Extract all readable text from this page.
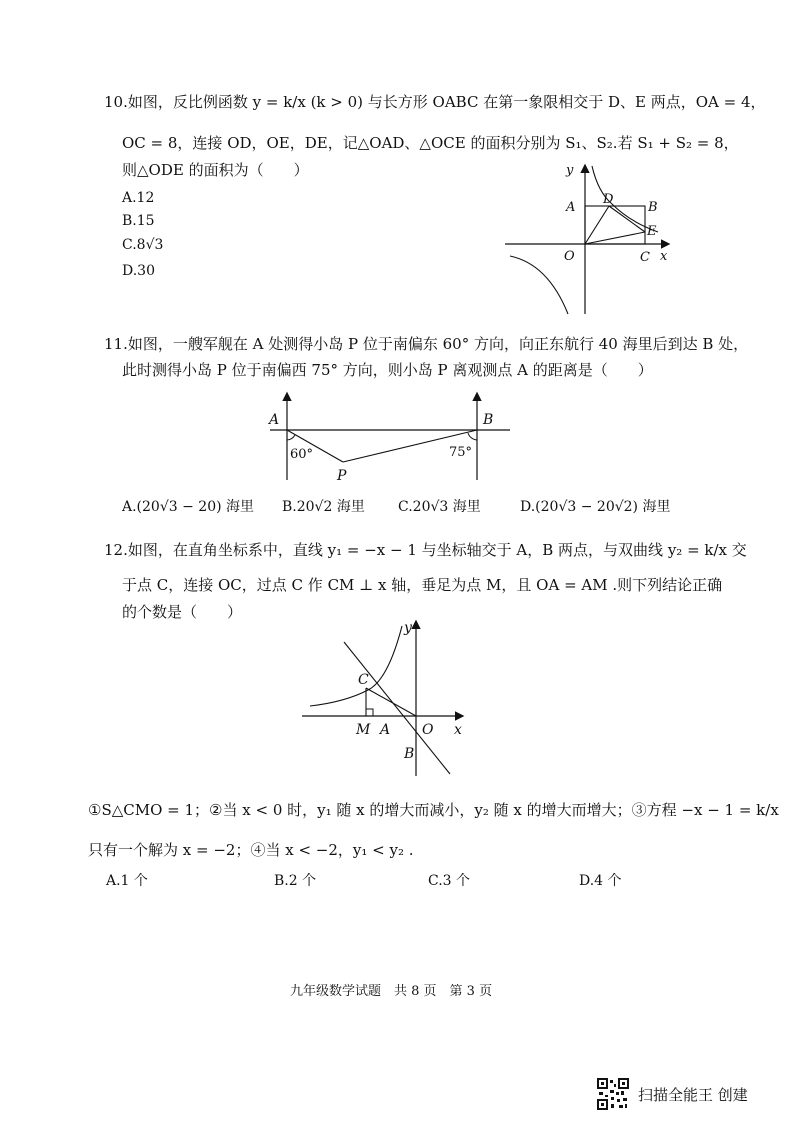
10.如图，反比例函数 y = k/x (k > 0) 与长方形 OABC 在第一象限相交于 D、E 两点，OA = 4，
OC = 8，连接 OD，OE，DE，记△OAD、△OCE 的面积分别为 S₁、S₂.若 S₁ + S₂ = 8，
则△ODE 的面积为（　　）
A.12
B.15
C.8√3
D.30
y
x
O
A	B
C
D
E
11.如图，一艘军舰在 A 处测得小岛 P 位于南偏东 60° 方向，向正东航行 40 海里后到达 B 处，
此时测得小岛 P 位于南偏西 75° 方向，则小岛 P 离观测点 A 的距离是（　　）
A	B
P
60°	75°
A.(20√3 − 20) 海里 B.20√2 海里 C.20√3 海里	D.(20√3 − 20√2) 海里
12.如图，在直角坐标系中，直线 y₁ = −x − 1 与坐标轴交于 A，B 两点，与双曲线 y₂ = k/x 交
于点 C，连接 OC，过点 C 作 CM ⊥ x 轴，垂足为点 M，且 OA = AM .则下列结论正确
的个数是（　　）
y
x
C
M A O
B
①S△CMO = 1；②当 x < 0 时，y₁ 随 x 的增大而减小，y₂ 随 x 的增大而增大；③方程 −x − 1 = k/x
只有一个解为 x = −2；④当 x < −2，y₁ < y₂ .
A.1 个	B.2 个	C.3 个	D.4 个
九年级数学试题　共 8 页　第 3 页
扫描全能王 创建
